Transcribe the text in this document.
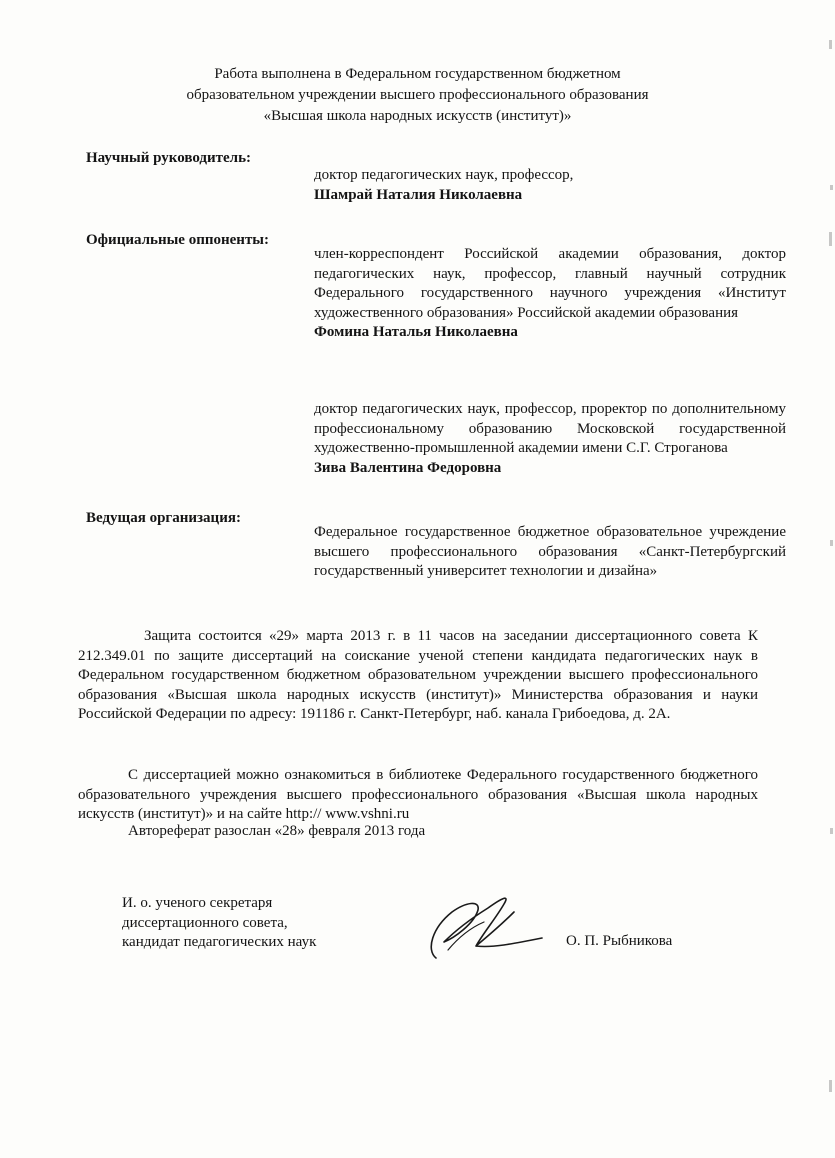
Работа выполнена в Федеральном государственном бюджетном
образовательном учреждении высшего профессионального образования
«Высшая школа народных искусств (институт)»
Научный руководитель:
доктор педагогических наук, профессор,
Шамрай Наталия Николаевна
Официальные оппоненты:
член-корреспондент Российской академии образования, доктор педагогических наук, профессор, главный научный сотрудник Федерального государственного научного учреждения «Институт художественного образования» Российской академии образования
Фомина Наталья Николаевна
доктор педагогических наук, профессор, проректор по дополнительному профессиональному образованию Московской государственной художественно-промышленной академии имени С.Г. Строганова
Зива Валентина Федоровна
Ведущая организация:
Федеральное государственное бюджетное образовательное учреждение высшего профессионального образования «Санкт-Петербургский государственный университет технологии и дизайна»
Защита состоится «29» марта 2013 г. в 11 часов на заседании диссертационного совета К 212.349.01 по защите диссертаций на соискание ученой степени кандидата педагогических наук в Федеральном государственном бюджетном образовательном учреждении высшего профессионального образования «Высшая школа народных искусств (институт)» Министерства образования и науки Российской Федерации по адресу: 191186 г. Санкт-Петербург, наб. канала Грибоедова, д. 2А.
С диссертацией можно ознакомиться в библиотеке Федерального государственного бюджетного образовательного учреждения высшего профессионального образования «Высшая школа народных искусств (институт)» и на сайте http:// www.vshni.ru
Автореферат разослан «28» февраля 2013 года
И. о. ученого секретаря
диссертационного совета,
кандидат педагогических наук	О. П. Рыбникова
